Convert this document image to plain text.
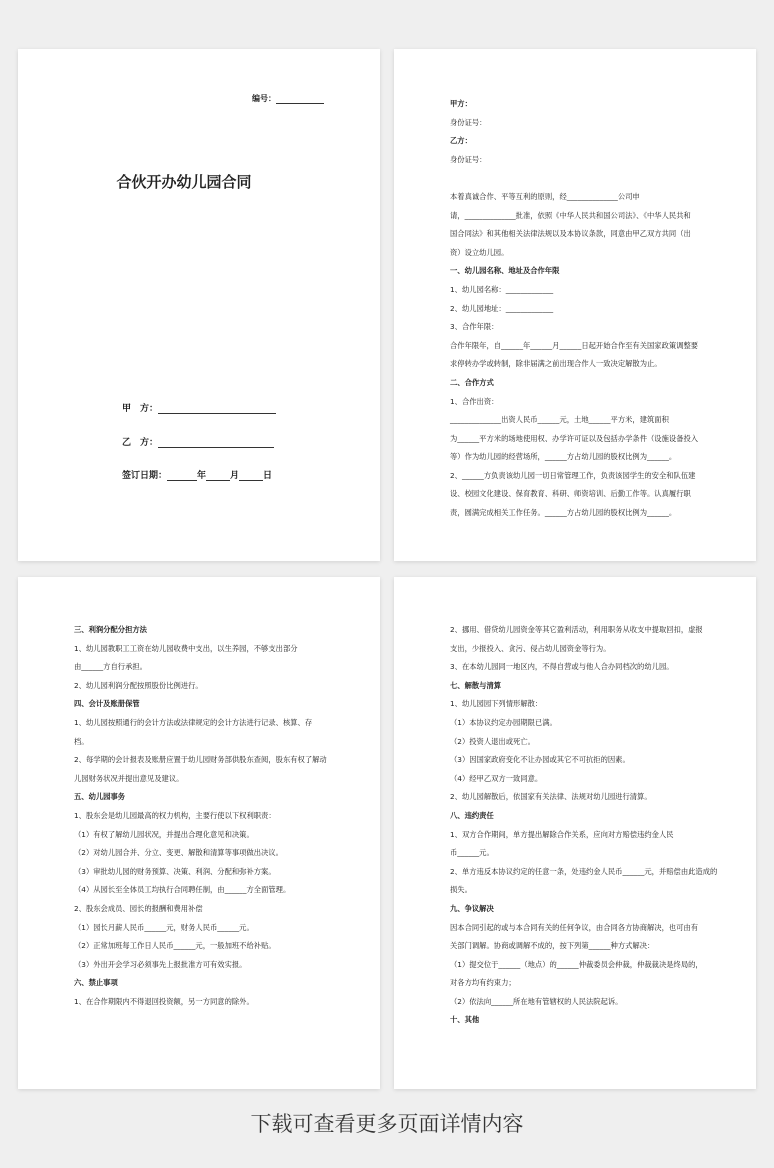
编号：
合伙开办幼儿园合同
甲　方：
乙　方：
签订日期：	年	月	日
甲方：
身份证号：
乙方：
身份证号：

本着真诚合作、平等互利的原则，经______________公司申
请，______________批准，依照《中华人民共和国公司法》、《中华人民共和
国合同法》和其他相关法律法规以及本协议条款，同意由甲乙双方共同（出
资）设立幼儿园。
一、幼儿园名称、地址及合作年限
1、幼儿园名称：_____________
2、幼儿园地址：_____________
3、合作年限：
合作年限年，自______年______月______日起开始合作至有关国家政策调整要
求停转办学或转制，除非届满之前出现合作人一致决定解散为止。
二、合作方式
1、合作出资：
______________出资人民币______元，土地______平方米，建筑面积
为______平方米的场地使用权、办学许可证以及包括办学条件（设施设备投入
等）作为幼儿园的经营场所，______方占幼儿园的股权比例为______。
2、______方负责该幼儿园一切日常管理工作，负责该园学生的安全和队伍建
设、校园文化建设、保育教育、科研、师资培训、后勤工作等。认真履行职
责，圆满完成相关工作任务。______方占幼儿园的股权比例为______。
三、利润分配分担方法
1、幼儿园教职工工资在幼儿园收费中支出，以生养园，不够支出部分
由______方自行承担。
2、幼儿园利润分配按照股份比例进行。
四、会计及账册保管
1、幼儿园按照通行的会计方法或法律规定的会计方法进行记录、核算、存
档。
2、每学期的会计报表及账册应置于幼儿园财务部供股东查阅，股东有权了解动
儿园财务状况并提出意见及建议。
五、幼儿园事务
1、股东会是幼儿园最高的权力机构，主要行使以下权利职责：
（1）有权了解幼儿园状况，并提出合理化意见和决策。
（2）对幼儿园合并、分立、变更、解散和清算等事项做出决议。
（3）审批幼儿园的财务预算、决策、利润、分配和弥补方案。
（4）从园长至全体员工均执行合同聘任制，由______方全面管理。
2、股东会成员、园长的报酬和费用补偿
（1）园长月薪人民币______元，财务人民币______元。
（2）正常加班每工作日人民币______元，一般加班不给补贴。
（3）外出开会学习必须事先上报批准方可有效实报。
六、禁止事项
1、在合作期限内不得退回投资额，另一方同意的除外。
2、挪用、借贷幼儿园资金等其它盈利活动，利用职务从收支中提取回扣，虚报
支出，少报投入、贪污、侵占幼儿园资金等行为。
3、在本幼儿园同一地区内，不得自营或与他人合办同档次的幼儿园。
七、解散与清算
1、幼儿园园下列情形解散：
（1）本协议约定办园期限已满。
（2）投资人退出或死亡。
（3）因国家政府变化不让办园或其它不可抗拒的因素。
（4）经甲乙双方一致同意。
2、幼儿园解散后，依国家有关法律、法规对幼儿园进行清算。
八、违约责任
1、双方合作期间，单方提出解除合作关系，应向对方赔偿违约金人民
币______元。
2、单方违反本协议约定的任意一条，处违约金人民币______元，并赔偿由此造成的
损失。
九、争议解决
因本合同引起的或与本合同有关的任何争议，由合同各方协商解决，也可由有
关部门调解。协商或调解不成的，按下列第______种方式解决：
（1）提交位于______（地点）的______仲裁委员会仲裁，仲裁裁决是终局的，
对各方均有约束力；
（2）依法向______所在地有管辖权的人民法院起诉。
十、其他
下载可查看更多页面详情内容
